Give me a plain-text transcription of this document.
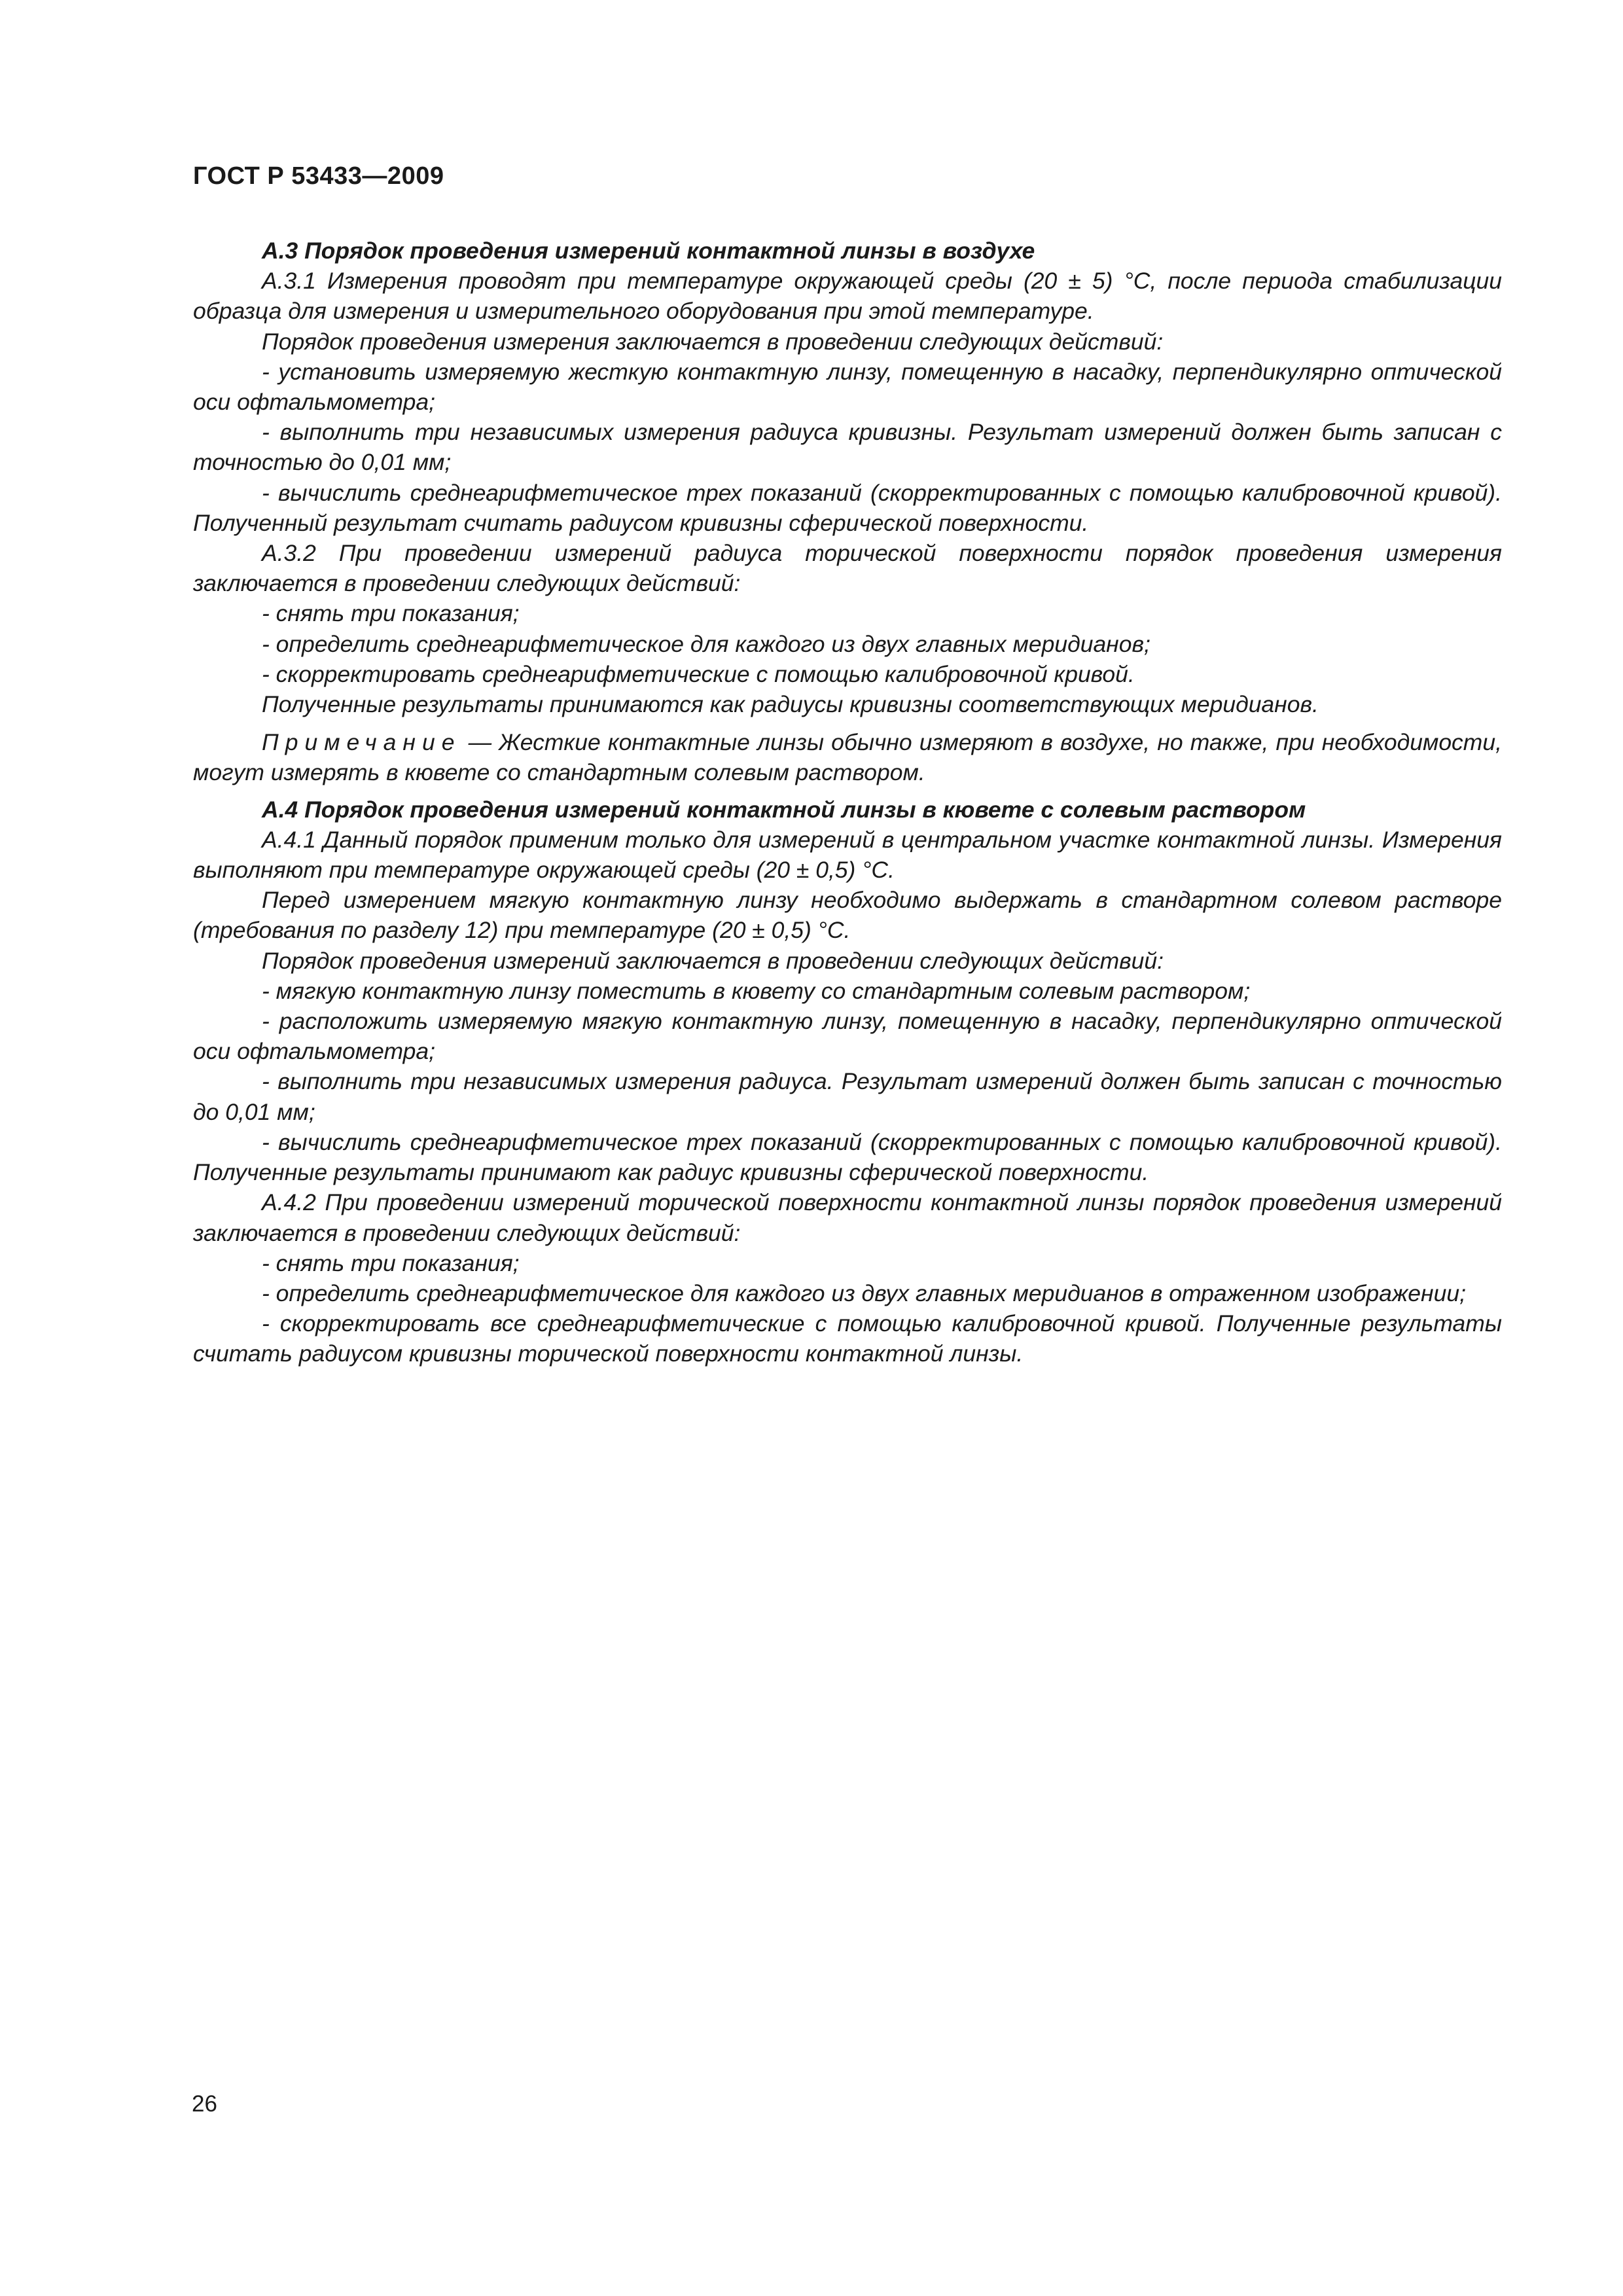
ГОСТ Р 53433—2009

А.3 Порядок проведения измерений контактной линзы в воздухе

А.3.1 Измерения проводят при температуре окружающей среды (20 ± 5) °С, после периода стабилизации образца для измерения и измерительного оборудования при этой температуре.

Порядок проведения измерения заключается в проведении следующих действий:

- установить измеряемую жесткую контактную линзу, помещенную в насадку, перпендикулярно оптической оси офтальмометра;

- выполнить три независимых измерения радиуса кривизны. Результат измерений должен быть записан с точностью до 0,01 мм;

- вычислить среднеарифметическое трех показаний (скорректированных с помощью калибровочной кривой). Полученный результат считать радиусом кривизны сферической поверхности.

А.3.2 При проведении измерений радиуса торической поверхности порядок проведения измерения заключается в проведении следующих действий:

- снять три показания;

- определить среднеарифметическое для каждого из двух главных меридианов;

- скорректировать среднеарифметические с помощью калибровочной кривой.

Полученные результаты принимаются как радиусы кривизны соответствующих меридианов.

Примечание — Жесткие контактные линзы обычно измеряют в воздухе, но также, при необходимости, могут измерять в кювете со стандартным солевым раствором.

А.4 Порядок проведения измерений контактной линзы в кювете с солевым раствором

А.4.1 Данный порядок применим только для измерений в центральном участке контактной линзы. Измерения выполняют при температуре окружающей среды (20 ± 0,5) °С.

Перед измерением мягкую контактную линзу необходимо выдержать в стандартном солевом растворе (требования по разделу 12) при температуре (20 ± 0,5) °С.

Порядок проведения измерений заключается в проведении следующих действий:

- мягкую контактную линзу поместить в кювету со стандартным солевым раствором;

- расположить измеряемую мягкую контактную линзу, помещенную в насадку, перпендикулярно оптической оси офтальмометра;

- выполнить три независимых измерения радиуса. Результат измерений должен быть записан с точностью до 0,01 мм;

- вычислить среднеарифметическое трех показаний (скорректированных с помощью калибровочной кривой). Полученные результаты принимают как радиус кривизны сферической поверхности.

А.4.2 При проведении измерений торической поверхности контактной линзы порядок проведения измерений заключается в проведении следующих действий:

- снять три показания;

- определить среднеарифметическое для каждого из двух главных меридианов в отраженном изображении;

- скорректировать все среднеарифметические с помощью калибровочной кривой. Полученные результаты считать радиусом кривизны торической поверхности контактной линзы.

26
